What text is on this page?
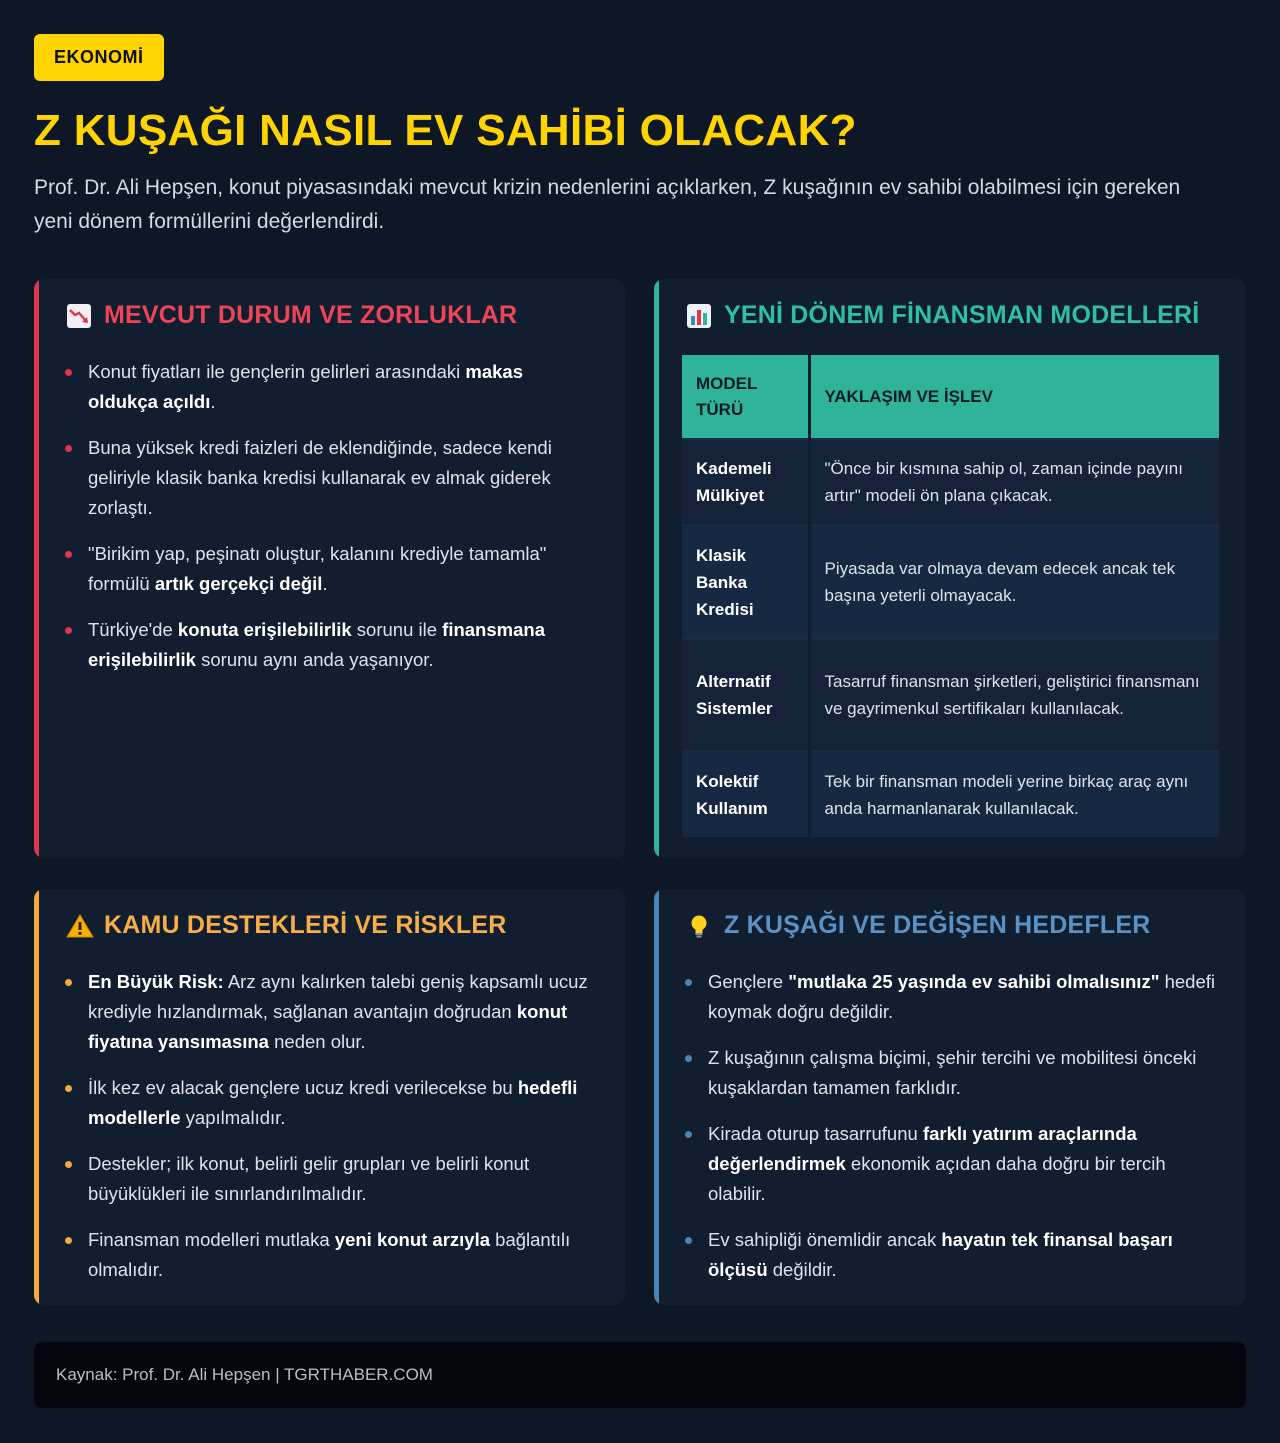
EKONOMİ
Z KUŞAĞI NASIL EV SAHİBİ OLACAK?

Prof. Dr. Ali Hepşen, konut piyasasındaki mevcut krizin nedenlerini açıklarken, Z kuşağının ev sahibi olabilmesi için gereken yeni dönem formüllerini değerlendirdi.

MEVCUT DURUM VE ZORLUKLAR
Konut fiyatları ile gençlerin gelirleri arasındaki makas oldukça açıldı.
Buna yüksek kredi faizleri de eklendiğinde, sadece kendi geliriyle klasik banka kredisi kullanarak ev almak giderek zorlaştı.
"Birikim yap, peşinatı oluştur, kalanını krediyle tamamla" formülü artık gerçekçi değil.
Türkiye'de konuta erişilebilirlik sorunu ile finansmana erişilebilirlik sorunu aynı anda yaşanıyor.
YENİ DÖNEM FİNANSMAN MODELLERİ
MODEL TÜRÜ	YAKLAŞIM VE İŞLEV
Kademeli Mülkiyet	"Önce bir kısmına sahip ol, zaman içinde payını artır" modeli ön plana çıkacak.
Klasik Banka Kredisi	Piyasada var olmaya devam edecek ancak tek başına yeterli olmayacak.
Alternatif Sistemler	Tasarruf finansman şirketleri, geliştirici finansmanı ve gayrimenkul sertifikaları kullanılacak.
Kolektif Kullanım	Tek bir finansman modeli yerine birkaç araç aynı anda harmanlanarak kullanılacak.
KAMU DESTEKLERİ VE RİSKLER
En Büyük Risk: Arz aynı kalırken talebi geniş kapsamlı ucuz krediyle hızlandırmak, sağlanan avantajın doğrudan konut fiyatına yansımasına neden olur.
İlk kez ev alacak gençlere ucuz kredi verilecekse bu hedefli modellerle yapılmalıdır.
Destekler; ilk konut, belirli gelir grupları ve belirli konut büyüklükleri ile sınırlandırılmalıdır.
Finansman modelleri mutlaka yeni konut arzıyla bağlantılı olmalıdır.
Z KUŞAĞI VE DEĞİŞEN HEDEFLER
Gençlere "mutlaka 25 yaşında ev sahibi olmalısınız" hedefi koymak doğru değildir.
Z kuşağının çalışma biçimi, şehir tercihi ve mobilitesi önceki kuşaklardan tamamen farklıdır.
Kirada oturup tasarrufunu farklı yatırım araçlarında değerlendirmek ekonomik açıdan daha doğru bir tercih olabilir.
Ev sahipliği önemlidir ancak hayatın tek finansal başarı ölçüsü değildir.
Kaynak: Prof. Dr. Ali Hepşen | TGRTHABER.COM
